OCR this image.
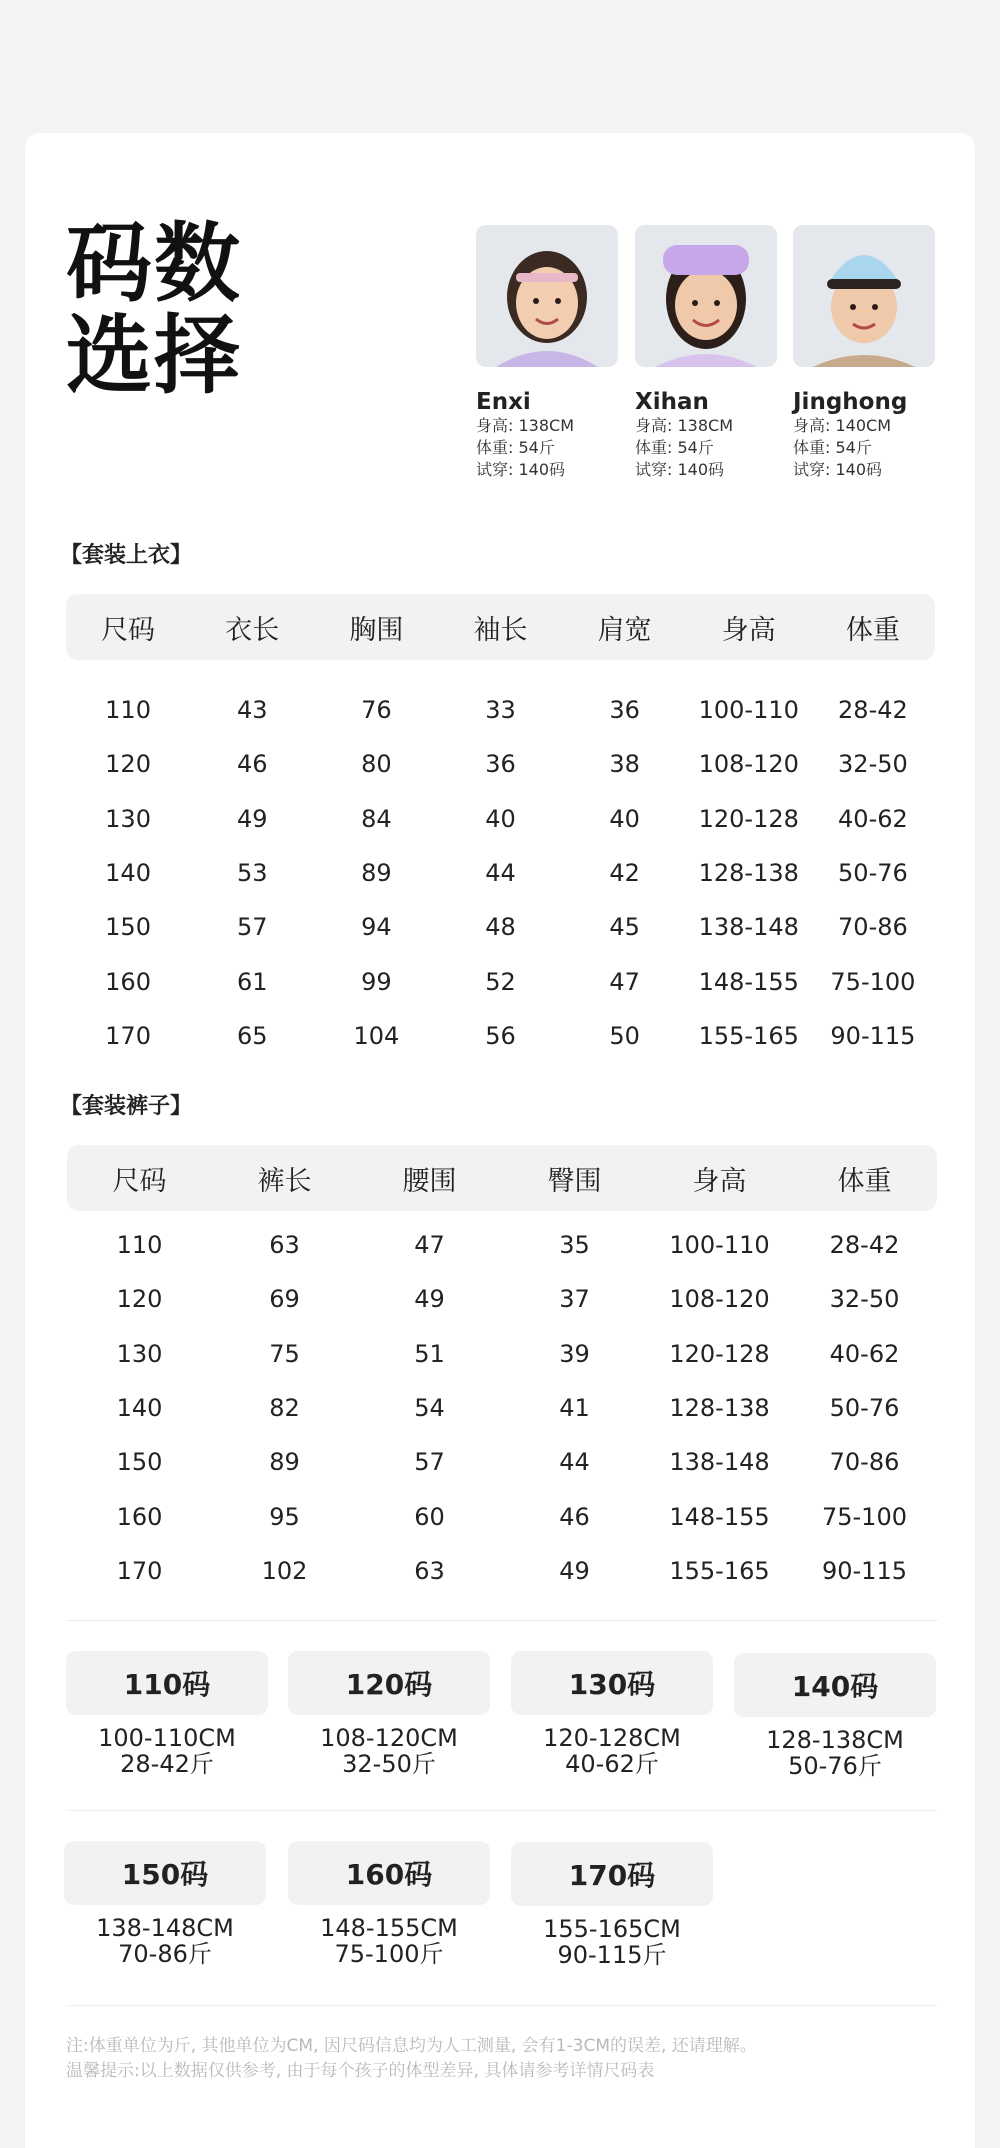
码数
选择	Enxi
身高: 138CM
体重: 54斤
试穿: 140码
Xihan
身高: 138CM
体重: 54斤
试穿: 140码
Jinghong
身高: 140CM
体重: 54斤
试穿: 140码
【套装上衣】
尺码	衣长	胸围	袖长	肩宽	身高	体重
110	43	76	33	36	100-110	28-42
120	46	80	36	38	108-120	32-50
130	49	84	40	40	120-128	40-62
140	53	89	44	42	128-138	50-76
150	57	94	48	45	138-148	70-86
160	61	99	52	47	148-155	75-100
170	65	104	56	50	155-165	90-115
【套装裤子】
尺码	裤长	腰围	臀围	身高	体重
110	63	47	35	100-110	28-42
120	69	49	37	108-120	32-50
130	75	51	39	120-128	40-62
140	82	54	41	128-138	50-76
150	89	57	44	138-148	70-86
160	95	60	46	148-155	75-100
170	102	63	49	155-165	90-115
110码
100-110CM
28-42斤
120码
108-120CM
32-50斤
130码
120-128CM
40-62斤
140码
128-138CM
50-76斤
150码
138-148CM
70-86斤
160码
148-155CM
75-100斤
170码
155-165CM
90-115斤
注:体重单位为斤, 其他单位为CM, 因尺码信息均为人工测量, 会有1-3CM的误差, 还请理解。
温馨提示:以上数据仅供参考, 由于每个孩子的体型差异, 具体请参考详情尺码表
